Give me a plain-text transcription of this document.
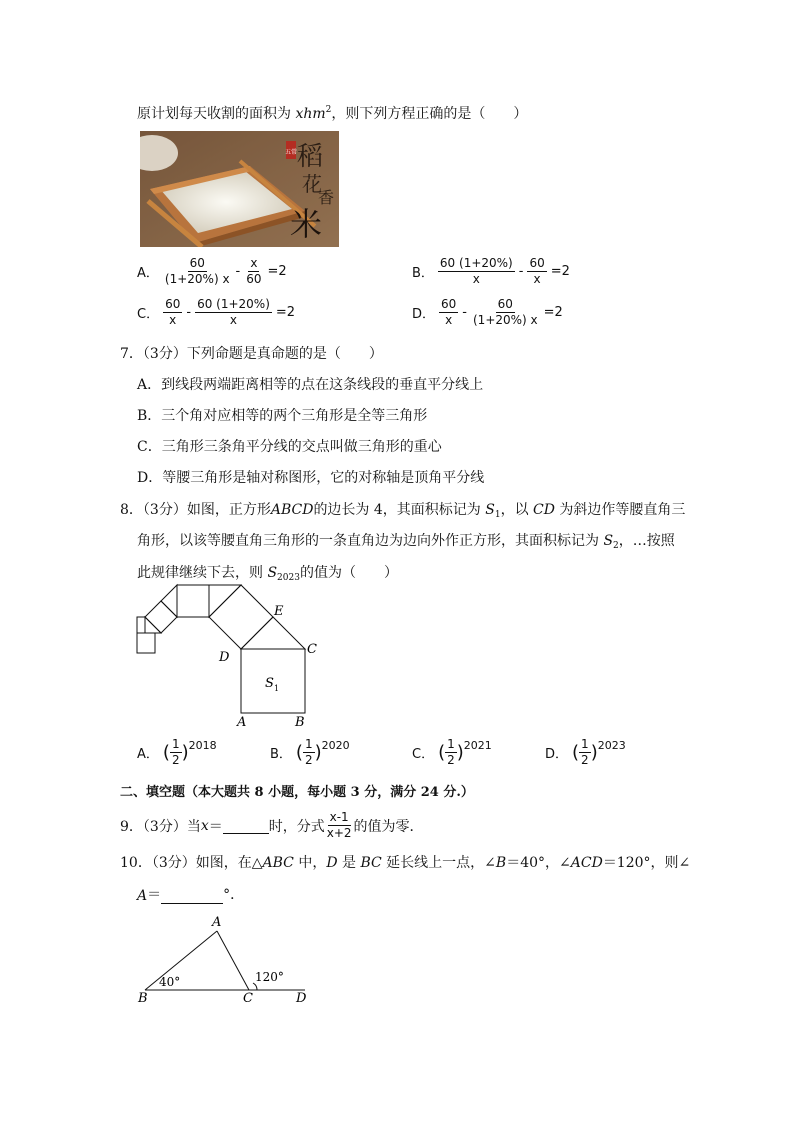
原计划每天收割的面积为 xhm$^2$，则下列方程正确的是（　　）
五常 稻
花
香
米
A． $\frac{60}{(1+20\%) x} - \frac{x}{60} =2$	B． $\frac{60 (1+20\%)}{x} - \frac{60}{x} =2$
C． $\frac{60}{x} - \frac{60 (1+20\%)}{x} =2$	D． $\frac{60}{x} - \frac{60}{(1+20\%) x} =2$
7．（3分）下列命题是真命题的是（　　）
A．到线段两端距离相等的点在这条线段的垂直平分线上
B．三个角对应相等的两个三角形是全等三角形
C．三角形三条角平分线的交点叫做三角形的重心
D．等腰三角形是轴对称图形，它的对称轴是顶角平分线
8．（3分）如图，正方形ABCD的边长为 4，其面积标记为 $S_1$，以 CD 为斜边作等腰直角三
角形，以该等腰直角三角形的一条直角边为边向外作正方形，其面积标记为 $S_2$，…按照
此规律继续下去，则 $S_{2023}$的值为（　　）
E
C
D
A	B
S 1
A． ( $\frac{1}{2}$ ) 2018
B． ( $\frac{1}{2}$ ) 2020
C． ( $\frac{1}{2}$ ) 2021
D． ( $\frac{1}{2}$ ) 2023
二、填空题（本大题共 8 小题，每小题 3 分，满分 24 分.）
9．（3分）当 x ＝	时，分式 $\frac{x-1}{x+2}$ 的值为零．
10．（3分）如图，在△ABC 中，D 是 BC 延长线上一点，∠B＝40°，∠ACD＝120°，则∠
A ＝	°．
A
B	C	D
40°	120°
